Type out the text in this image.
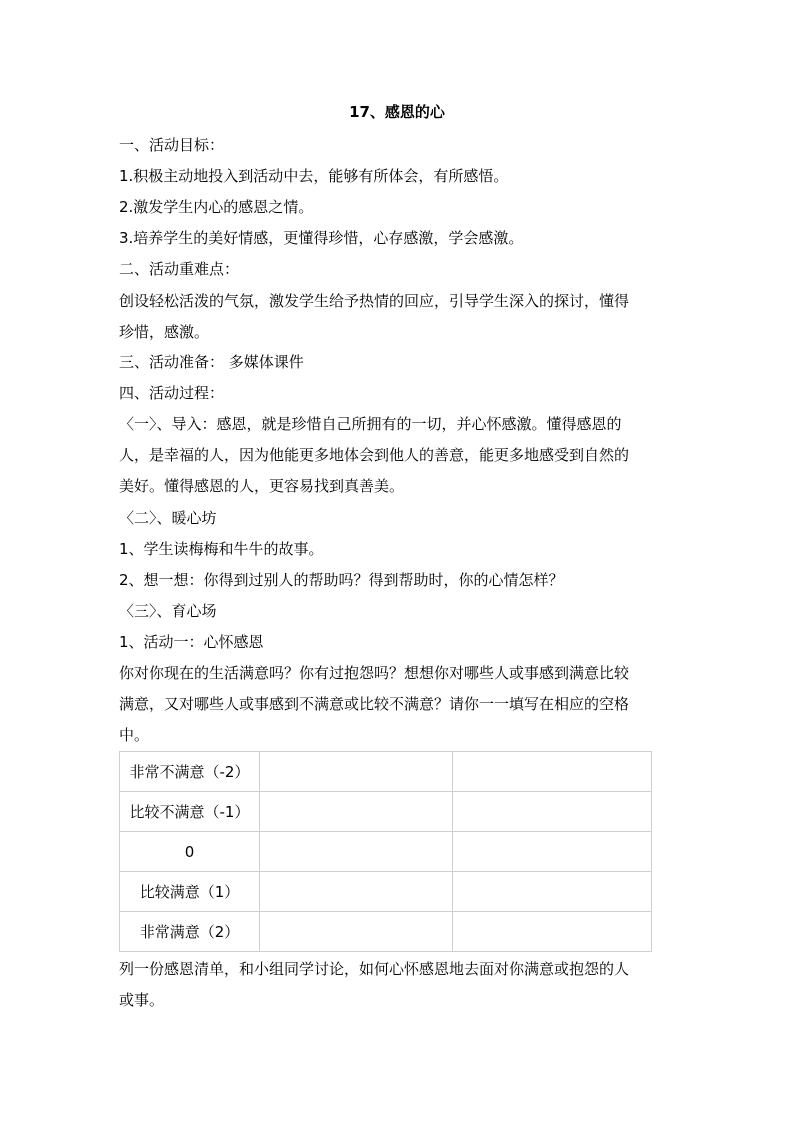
17、感恩的心
一、活动目标：
1.积极主动地投入到活动中去，能够有所体会，有所感悟。
2.激发学生内心的感恩之情。
3.培养学生的美好情感，更懂得珍惜，心存感激，学会感激。
二、活动重难点：

创设轻松活泼的气氛，激发学生给予热情的回应，引导学生深入的探讨，懂得

珍惜，感激。

三、活动准备： 多媒体课件
四、活动过程：

〈一〉、导入：感恩，就是珍惜自己所拥有的一切，并心怀感激。懂得感恩的

人，是幸福的人，因为他能更多地体会到他人的善意，能更多地感受到自然的

美好。懂得感恩的人，更容易找到真善美。

〈二〉、暖心坊
1、学生读梅梅和牛牛的故事。
2、想一想：你得到过别人的帮助吗？得到帮助时，你的心情怎样？
〈三〉、育心场
1、活动一：心怀感恩

你对你现在的生活满意吗？你有过抱怨吗？想想你对哪些人或事感到满意比较

满意，又对哪些人或事感到不满意或比较不满意？请你一一填写在相应的空格

中。

非常不满意（-2）		
比较不满意（-1）		
0		
比较满意（1）		
非常满意（2）		

列一份感恩清单，和小组同学讨论，如何心怀感恩地去面对你满意或抱怨的人

或事。
